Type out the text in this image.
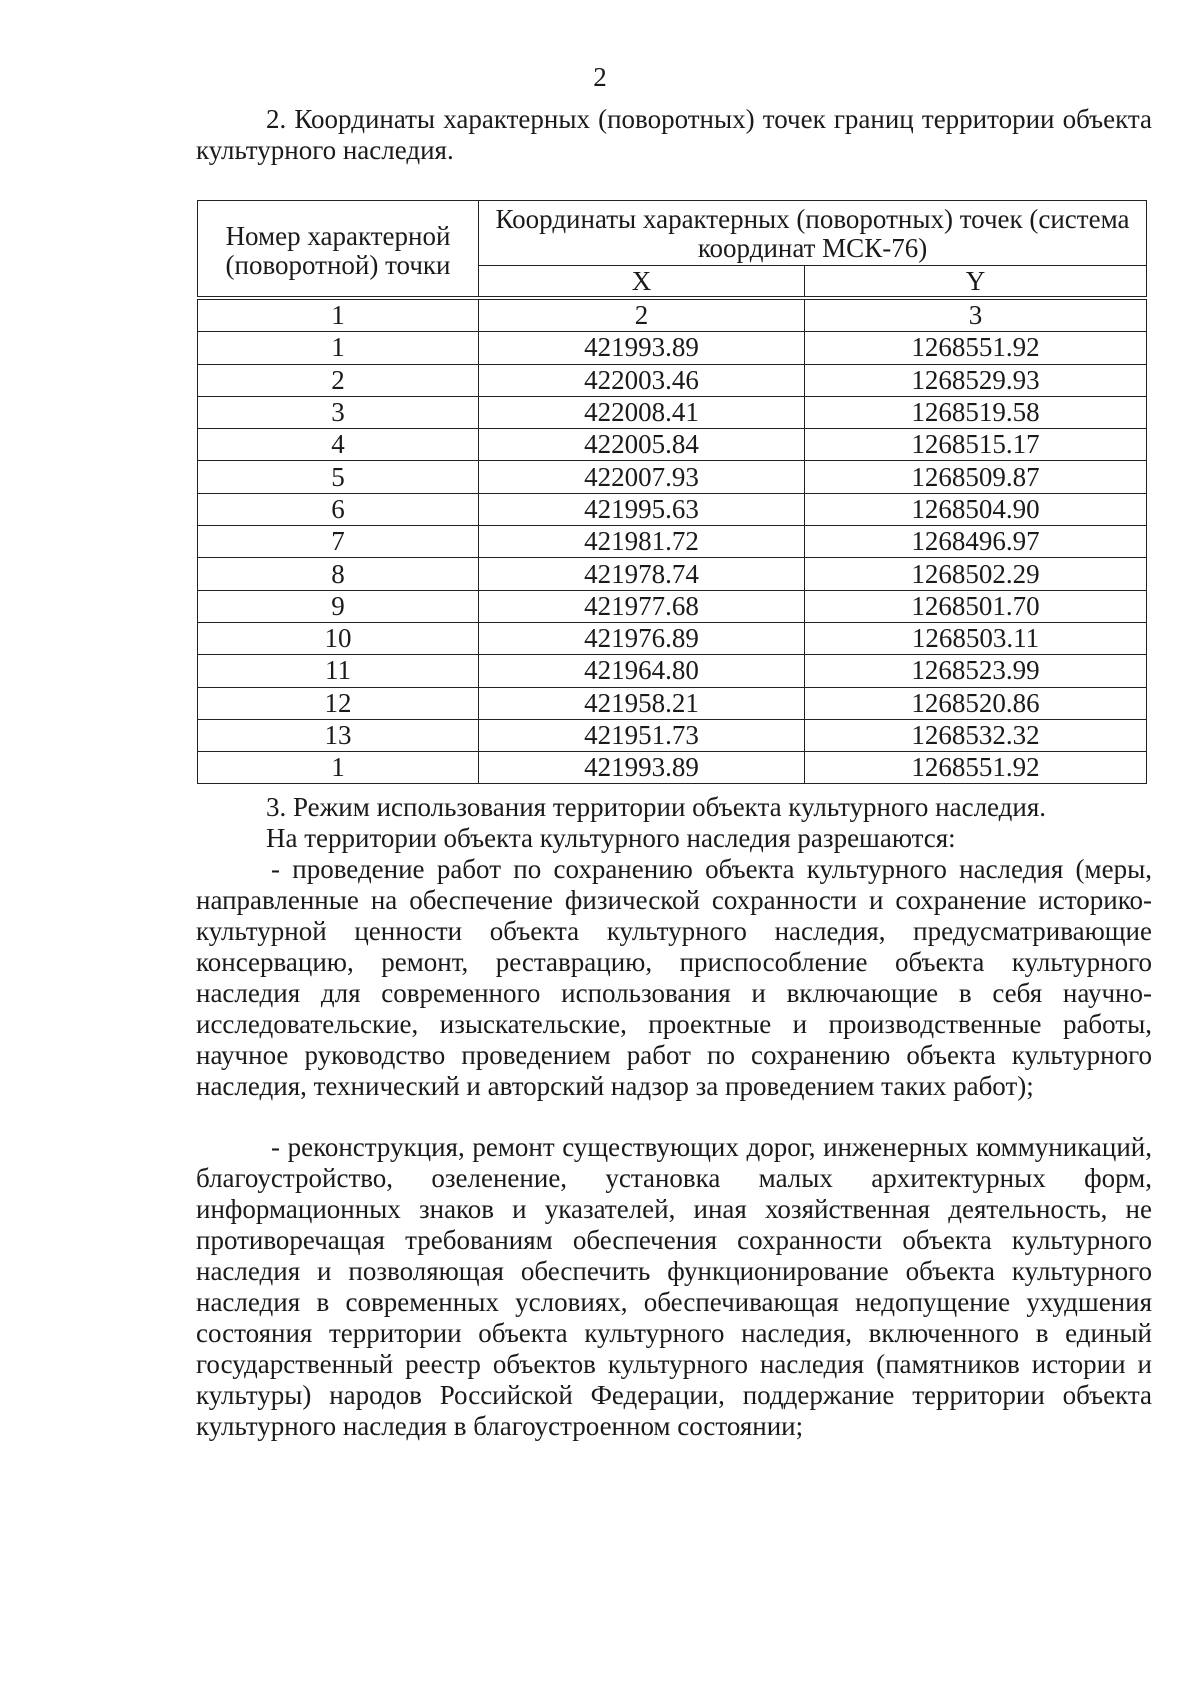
2

2. Координаты характерных (поворотных) точек границ территории объекта культурного наследия.

Номер характерной (поворотной) точки	Координаты характерных (поворотных) точек (система координат МСК-76)	
	X	Y
1	2	3
1	421993.89	1268551.92
2	422003.46	1268529.93
3	422008.41	1268519.58
4	422005.84	1268515.17
5	422007.93	1268509.87
6	421995.63	1268504.90
7	421981.72	1268496.97
8	421978.74	1268502.29
9	421977.68	1268501.70
10	421976.89	1268503.11
11	421964.80	1268523.99
12	421958.21	1268520.86
13	421951.73	1268532.32
1	421993.89	1268551.92

3. Режим использования территории объекта культурного наследия.

На территории объекта культурного наследия разрешаются:

- проведение работ по сохранению объекта культурного наследия (меры, направленные на обеспечение физической сохранности и сохранение историко-культурной ценности объекта культурного наследия, предусматривающие консервацию, ремонт, реставрацию, приспособление объекта культурного наследия для современного использования и включающие в себя научно-исследовательские, изыскательские, проектные и производственные работы, научное руководство проведением работ по сохранению объекта культурного наследия, технический и авторский надзор за проведением таких работ);

- реконструкция, ремонт существующих дорог, инженерных коммуникаций, благоустройство, озеленение, установка малых архитектурных форм, информационных знаков и указателей, иная хозяйственная деятельность, не противоречащая требованиям обеспечения сохранности объекта культурного наследия и позволяющая обеспечить функционирование объекта культурного наследия в современных условиях, обеспечивающая недопущение ухудшения состояния территории объекта культурного наследия, включенного в единый государственный реестр объектов культурного наследия (памятников истории и культуры) народов Российской Федерации, поддержание территории объекта культурного наследия в благоустроенном состоянии;
